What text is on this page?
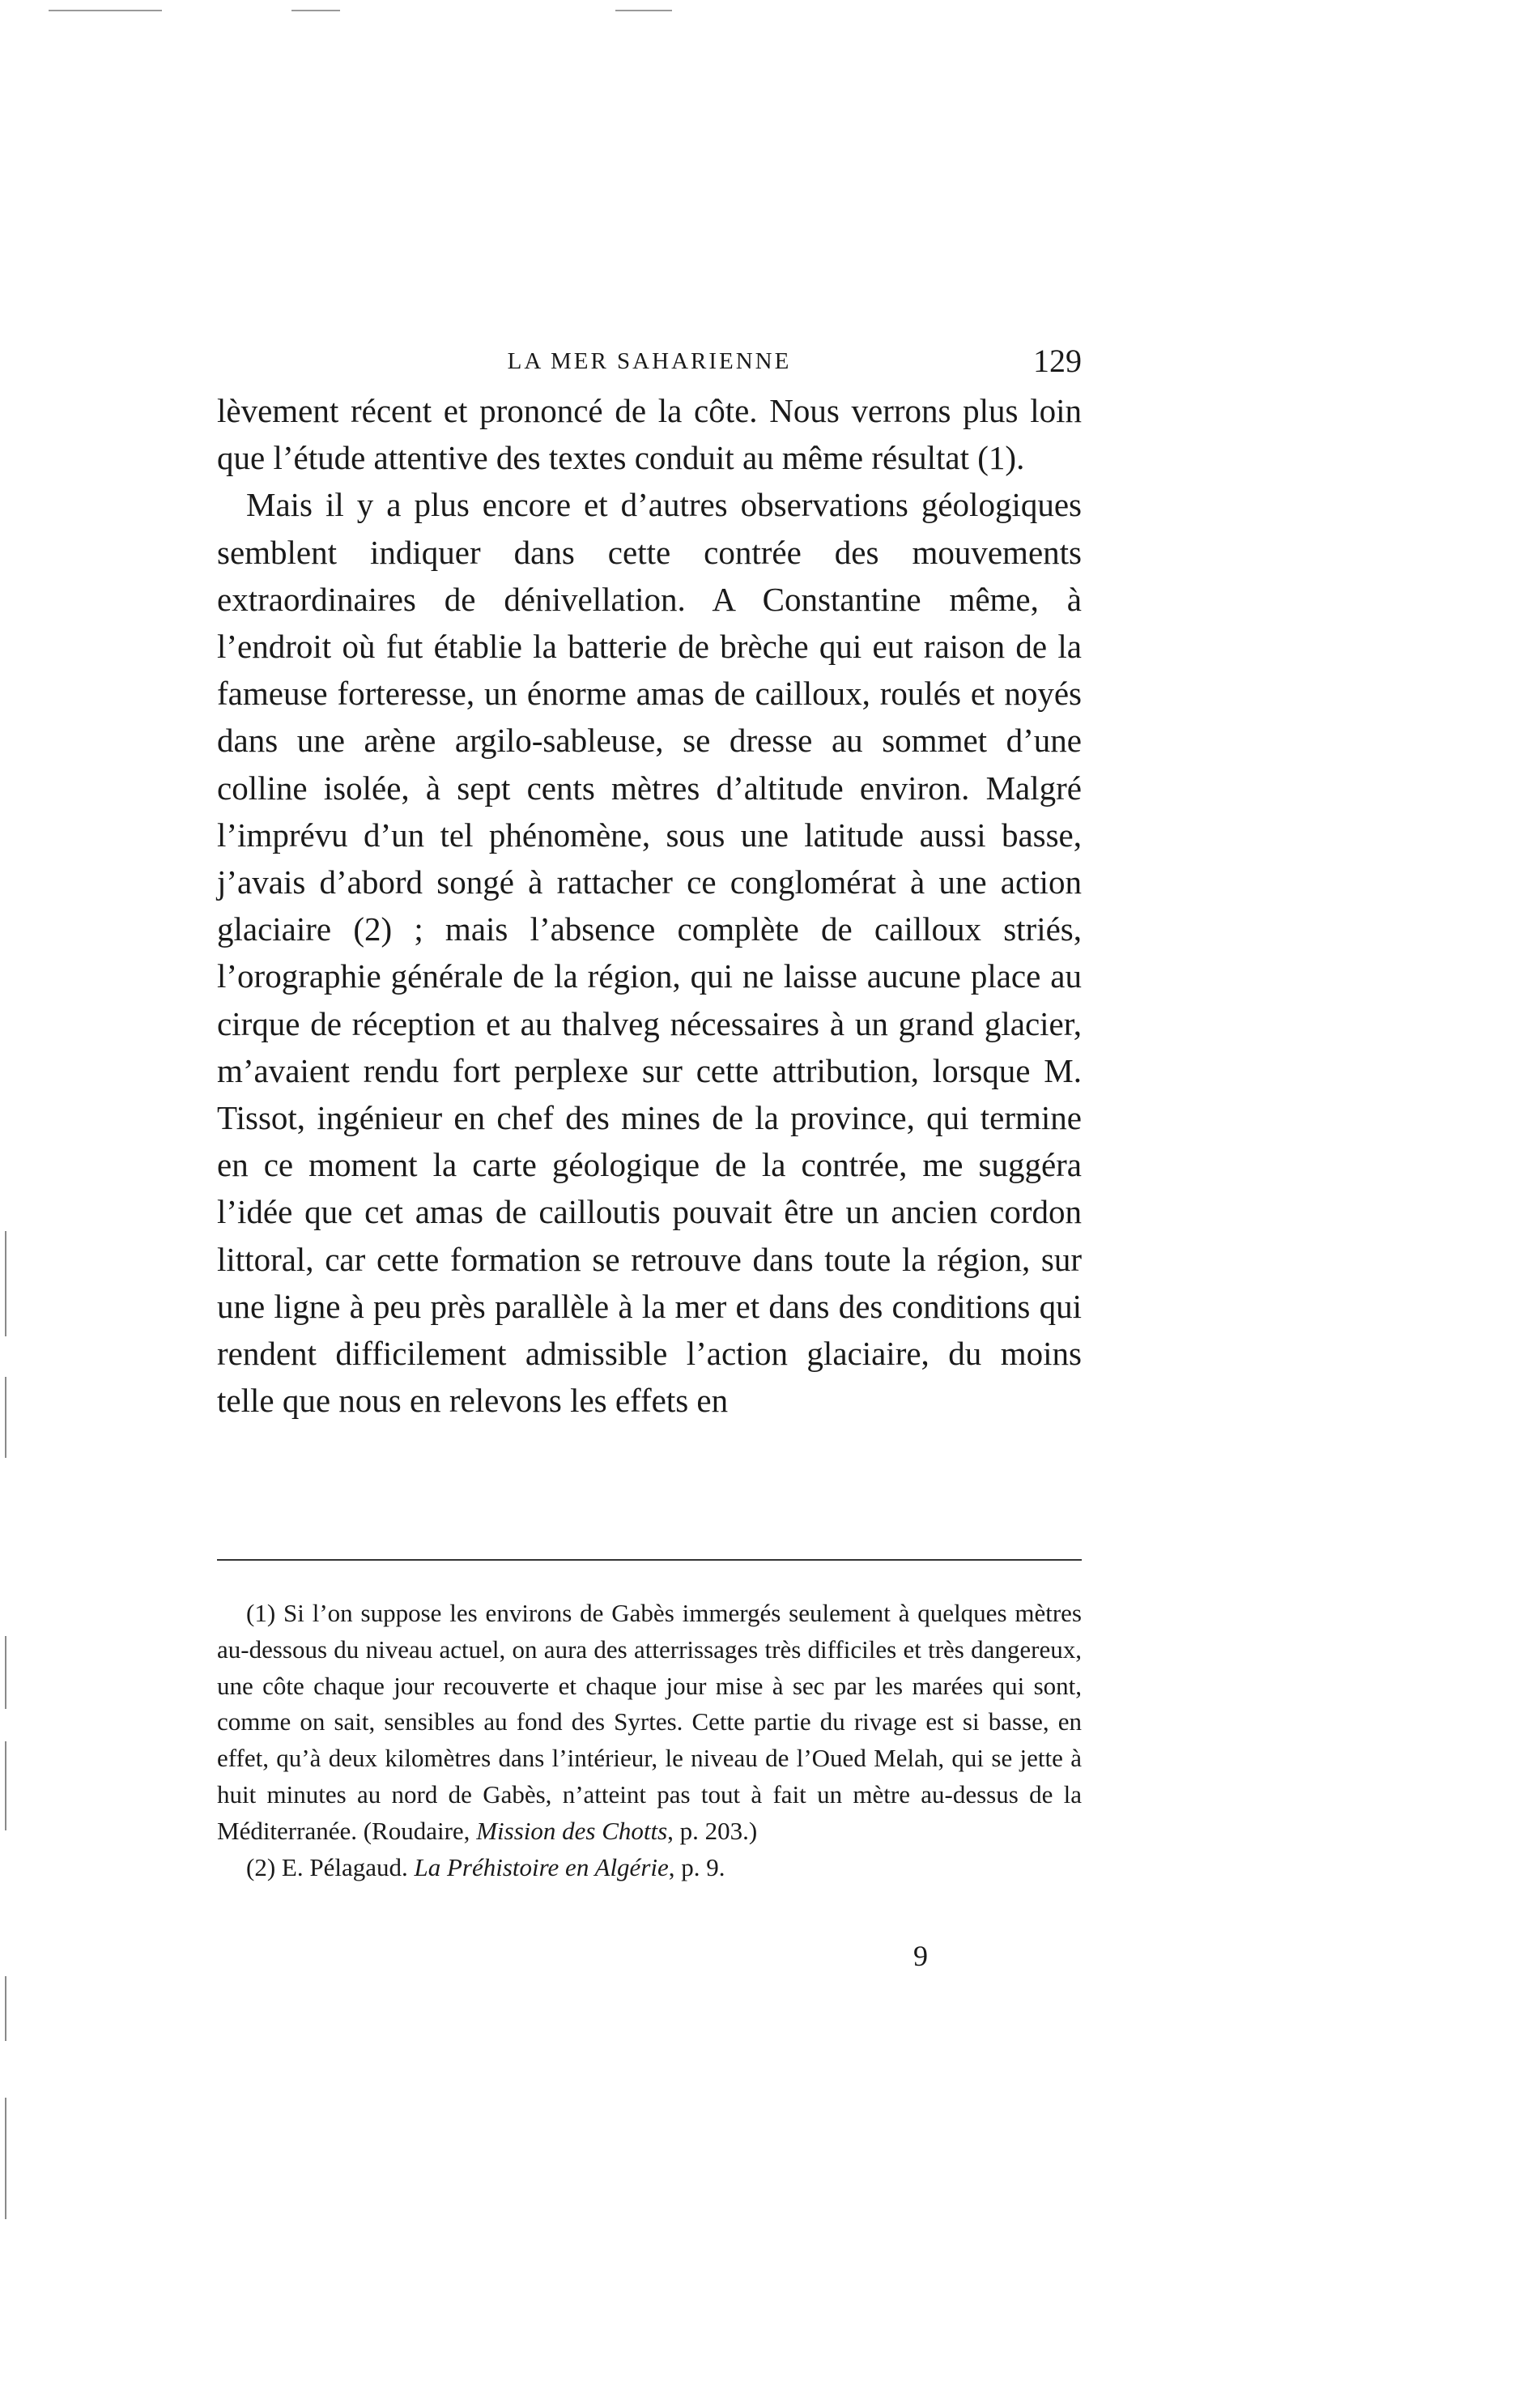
LA MER SAHARIENNE	129

lèvement récent et prononcé de la côte. Nous verrons plus loin que l’étude attentive des textes conduit au même résultat (1).

Mais il y a plus encore et d’autres observations géologiques semblent indiquer dans cette contrée des mouvements extraordinaires de dénivellation. A Constantine même, à l’endroit où fut établie la batterie de brèche qui eut raison de la fameuse forteresse, un énorme amas de cailloux, roulés et noyés dans une arène argilo-sableuse, se dresse au sommet d’une colline isolée, à sept cents mètres d’altitude environ. Malgré l’imprévu d’un tel phénomène, sous une latitude aussi basse, j’avais d’abord songé à rattacher ce conglomérat à une action glaciaire (2) ; mais l’absence complète de cailloux striés, l’orographie générale de la région, qui ne laisse aucune place au cirque de réception et au thalveg nécessaires à un grand glacier, m’avaient rendu fort perplexe sur cette attribution, lorsque M. Tissot, ingénieur en chef des mines de la province, qui termine en ce moment la carte géologique de la contrée, me suggéra l’idée que cet amas de cailloutis pouvait être un ancien cordon littoral, car cette formation se retrouve dans toute la région, sur une ligne à peu près parallèle à la mer et dans des conditions qui rendent difficilement admissible l’action glaciaire, du moins telle que nous en relevons les effets en

(1) Si l’on suppose les environs de Gabès immergés seulement à quelques mètres au-dessous du niveau actuel, on aura des atterrissages très difficiles et très dangereux, une côte chaque jour recouverte et chaque jour mise à sec par les marées qui sont, comme on sait, sensibles au fond des Syrtes. Cette partie du rivage est si basse, en effet, qu’à deux kilomètres dans l’intérieur, le niveau de l’Oued Melah, qui se jette à huit minutes au nord de Gabès, n’atteint pas tout à fait un mètre au-dessus de la Méditerranée. (Roudaire, Mission des Chotts, p. 203.)

(2) E. Pélagaud. La Préhistoire en Algérie, p. 9.

9
